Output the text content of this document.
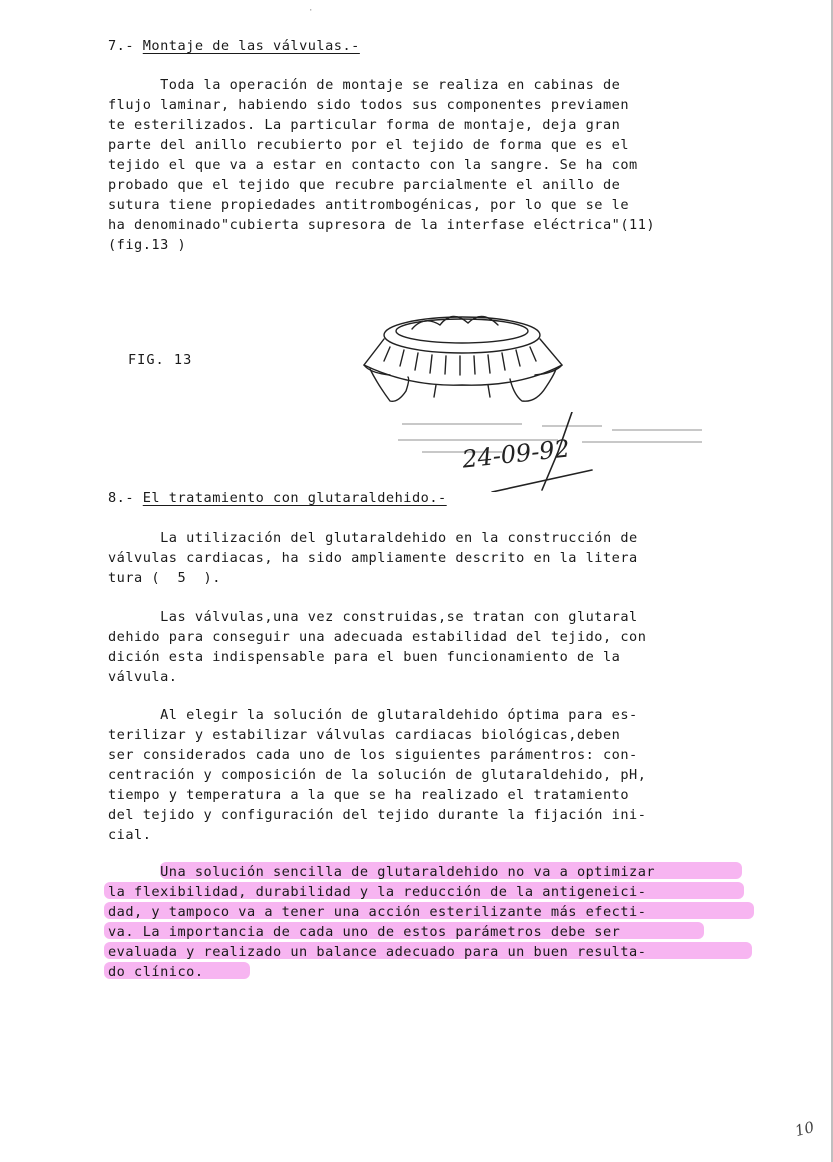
·
7.- Montaje de las válvulas.-
Toda la operación de montaje se realiza en cabinas de
flujo laminar, habiendo sido todos sus componentes previamen
te esterilizados. La particular forma de montaje, deja gran
parte del anillo recubierto por el tejido de forma que es el
tejido el que va a estar en contacto con la sangre. Se ha com
probado que el tejido que recubre parcialmente el anillo de
sutura tiene propiedades antitrombogénicas, por lo que se le
ha denominado"cubierta supresora de la interfase eléctrica"(11)
(fig.13 )
FIG. 13
24-09-92
8.- El tratamiento con glutaraldehido.-
La utilización del glutaraldehido en la construcción de
válvulas cardiacas, ha sido ampliamente descrito en la litera
tura (  5  ).
Las válvulas,una vez construidas,se tratan con glutaral
dehido para conseguir una adecuada estabilidad del tejido, con
dición esta indispensable para el buen funcionamiento de la
válvula.
Al elegir la solución de glutaraldehido óptima para es-
terilizar y estabilizar válvulas cardiacas biológicas,deben
ser considerados cada uno de los siguientes parámentros: con-
centración y composición de la solución de glutaraldehido, pH,
tiempo y temperatura a la que se ha realizado el tratamiento
del tejido y configuración del tejido durante la fijación ini-
cial.
Una solución sencilla de glutaraldehido no va a optimizar
la flexibilidad, durabilidad y la reducción de la antigeneici-
dad, y tampoco va a tener una acción esterilizante más efecti-
va. La importancia de cada uno de estos parámetros debe ser
evaluada y realizado un balance adecuado para un buen resulta-
do clínico.
10
